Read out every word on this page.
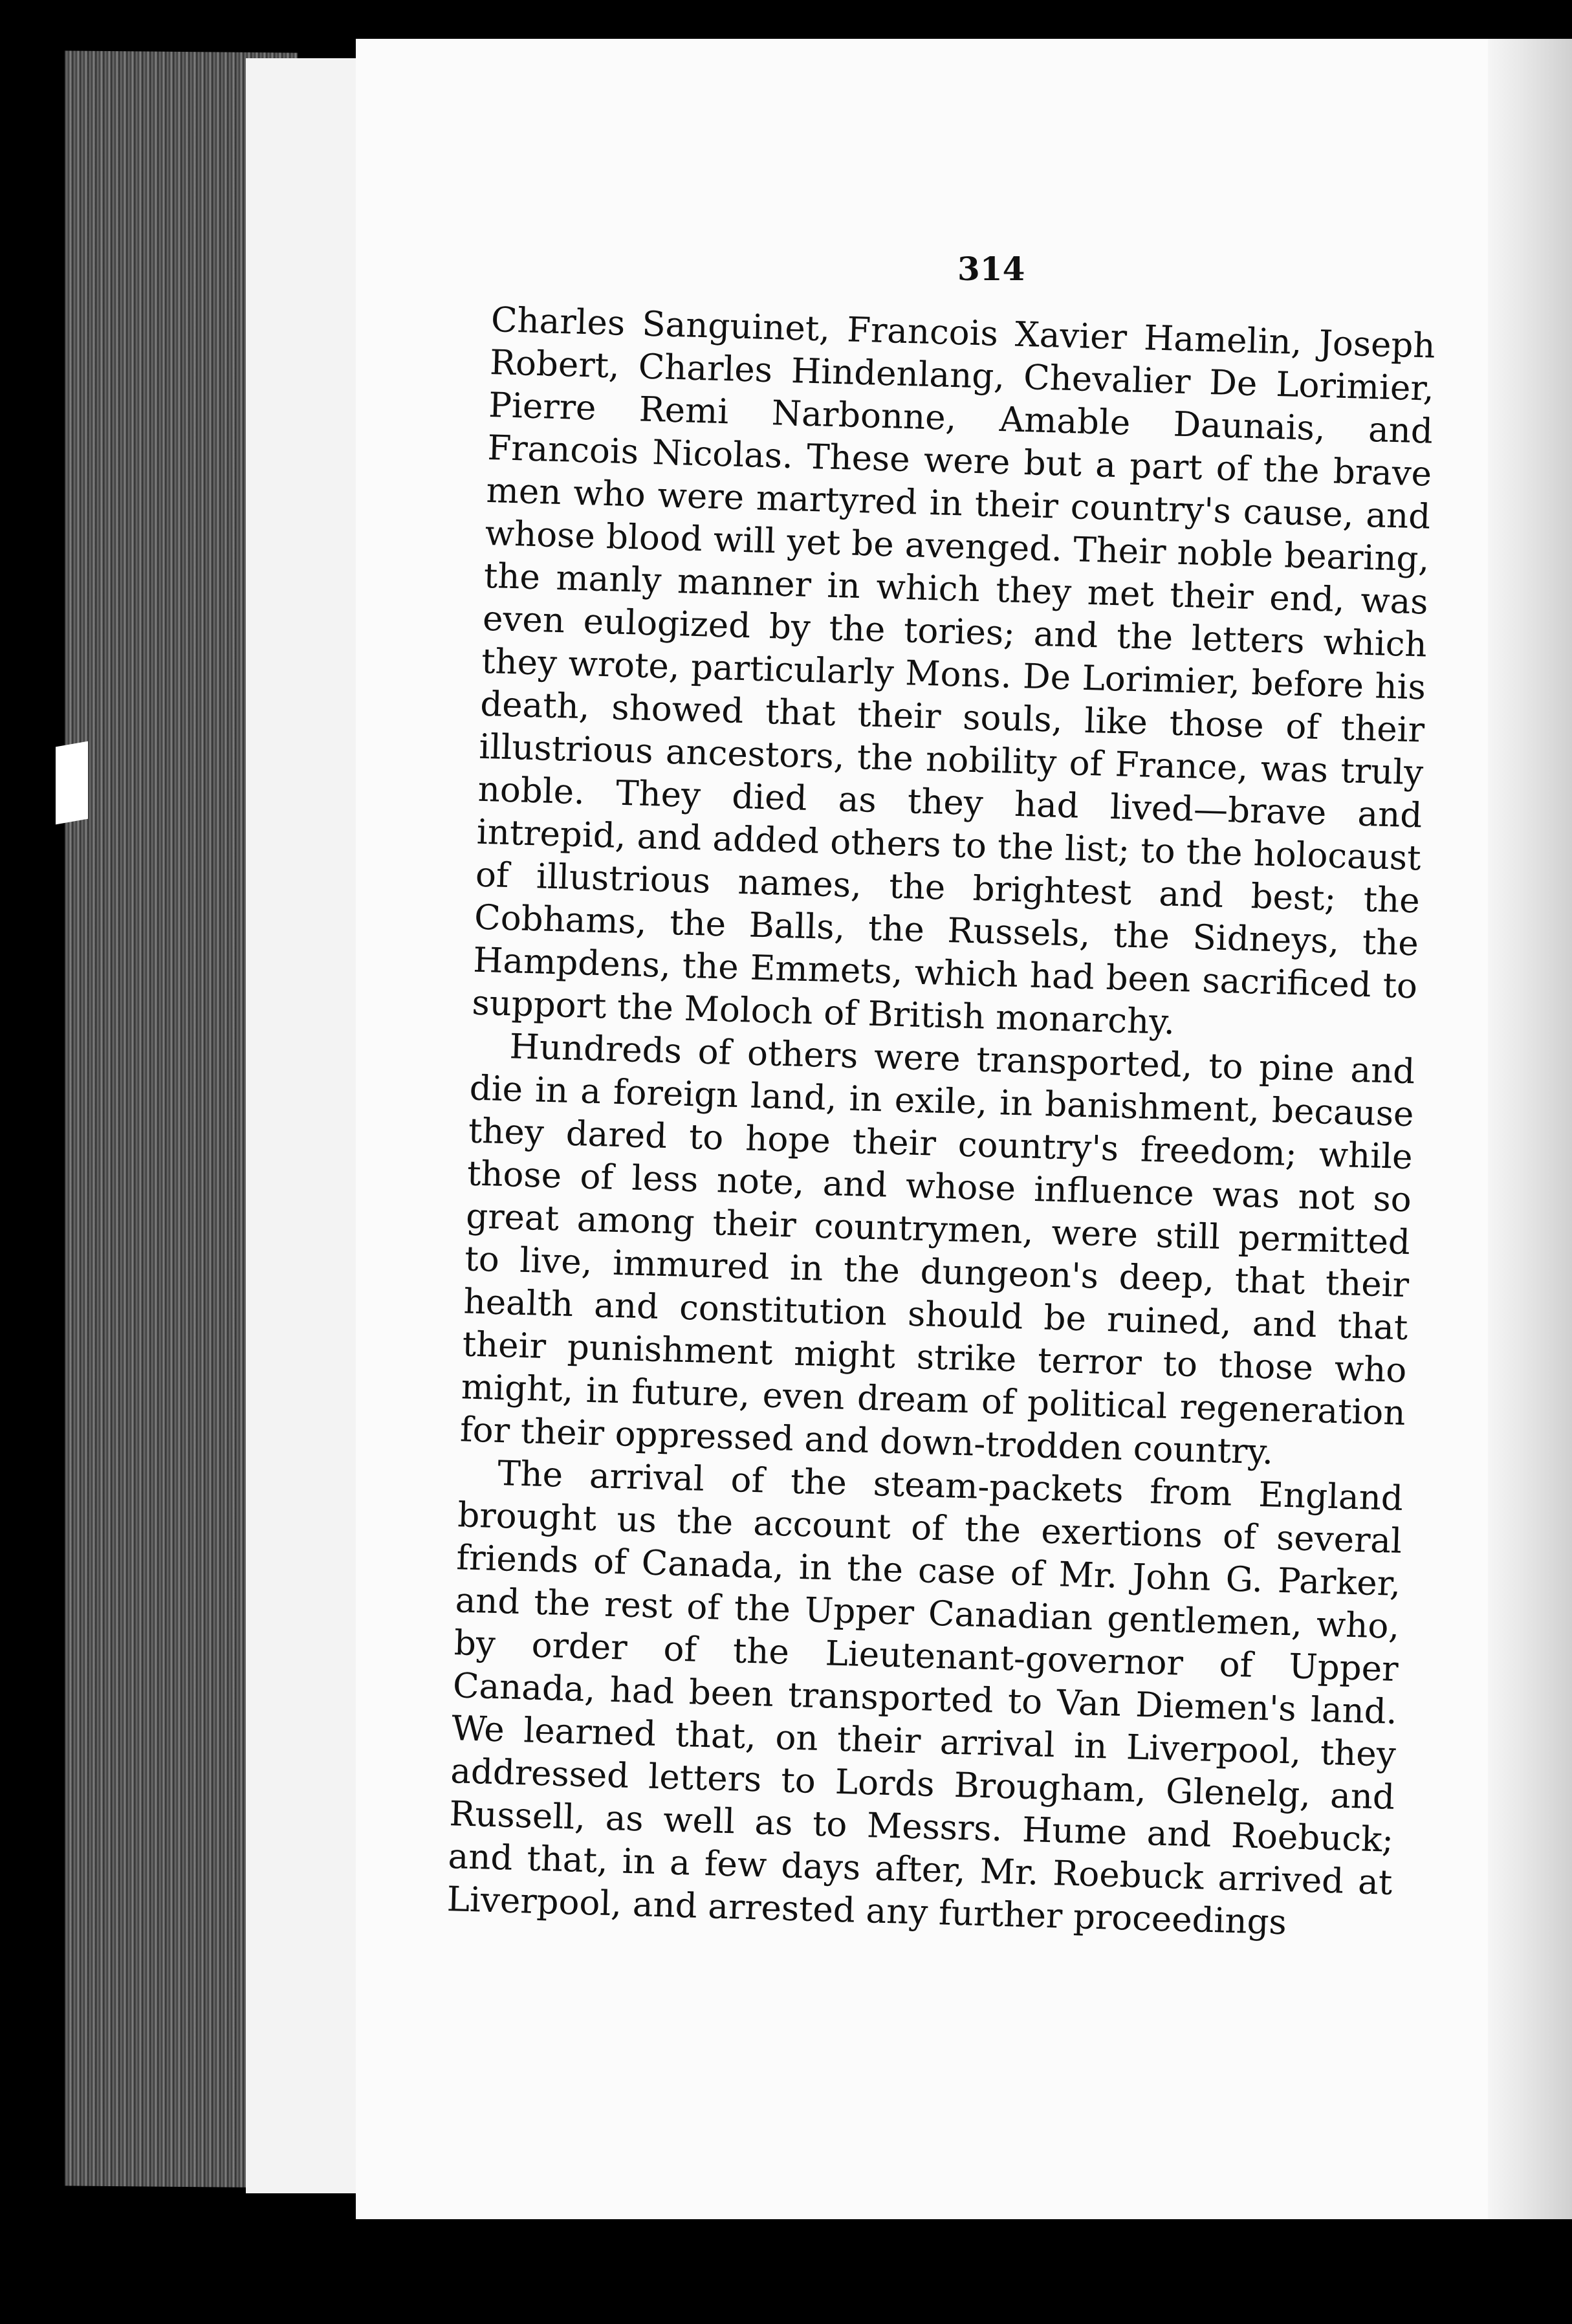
314

Charles Sanguinet, Francois Xavier Hamelin, Joseph Robert, Charles Hindenlang, Chevalier De Lorimier, Pierre Remi Narbonne, Amable Daunais, and Francois Nicolas. These were but a part of the brave men who were martyred in their country's cause, and whose blood will yet be avenged. Their noble bearing, the manly manner in which they met their end, was even eulogized by the tories; and the letters which they wrote, particularly Mons. De Lorimier, before his death, showed that their souls, like those of their illustrious ancestors, the nobility of France, was truly noble. They died as they had lived—brave and intrepid, and added others to the list; to the holocaust of illustrious names, the brightest and best; the Cobhams, the Balls, the Russels, the Sidneys, the Hampdens, the Emmets, which had been sacrificed to support the Moloch of British monarchy.

Hundreds of others were transported, to pine and die in a foreign land, in exile, in banishment, because they dared to hope their country's freedom; while those of less note, and whose influence was not so great among their countrymen, were still permitted to live, immured in the dungeon's deep, that their health and constitution should be ruined, and that their punishment might strike terror to those who might, in future, even dream of political regeneration for their oppressed and down-trodden country.

The arrival of the steam-packets from England brought us the account of the exertions of several friends of Canada, in the case of Mr. John G. Parker, and the rest of the Upper Canadian gentlemen, who, by order of the Lieutenant-governor of Upper Canada, had been transported to Van Diemen's land. We learned that, on their arrival in Liverpool, they addressed letters to Lords Brougham, Glenelg, and Russell, as well as to Messrs. Hume and Roebuck; and that, in a few days after, Mr. Roebuck arrived at Liverpool, and arrested any further proceedings
